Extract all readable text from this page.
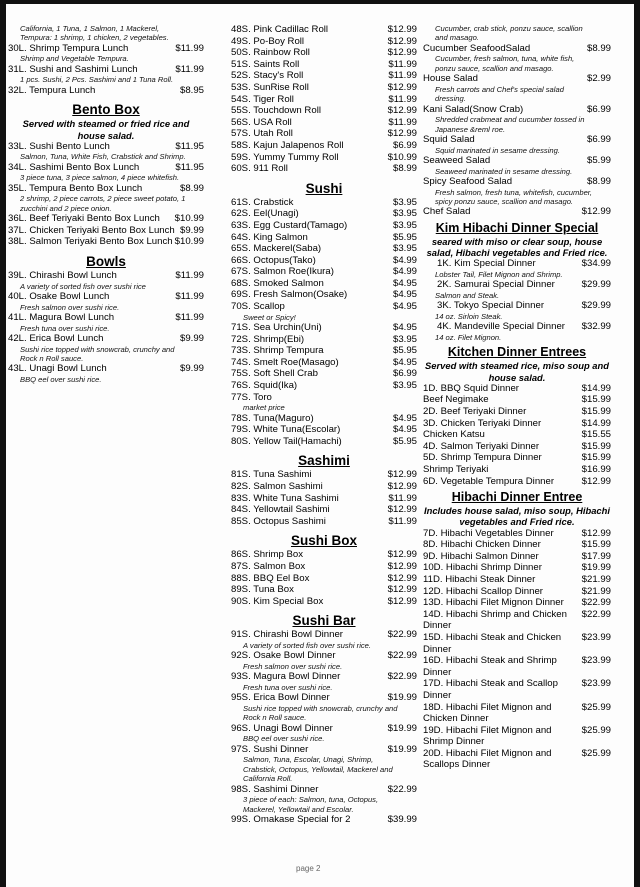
California, 1 Tuna, 1 Salmon, 1 Mackerel, Tempura: 1 shrimp, 1 chicken, 2 vegetables.
30L. Shrimp Tempura Lunch	$11.99
Shrimp and Vegetable Tempura.
31L. Sushi and Sashimi Lunch	$11.99
1 pcs. Sushi, 2 Pcs. Sashimi and 1 Tuna Roll.
32L. Tempura Lunch	$8.95
Bento Box
Served with steamed or fried rice and house salad.
33L. Sushi Bento Lunch	$11.95
Salmon, Tuna, White Fish, Crabstick and Shrimp.
34L. Sashimi Bento Box Lunch	$11.95
3 piece tuna, 3 piece salmon, 4 piece whitefish.
35L. Tempura Bento Box Lunch	$8.99
2 shrimp, 2 piece carrots, 2 piece sweet potato, 1 zucchini and 2 piece onion.
36L. Beef Teriyaki Bento Box Lunch	$10.99
37L. Chicken Teriyaki Bento Box Lunch $9.99
38L. Salmon Teriyaki Bento Box Lunch $10.99
Bowls
39L. Chirashi Bowl Lunch	$11.99
A variety of sorted fish over sushi rice
40L. Osake Bowl Lunch	$11.99
Fresh salmon over sushi rice.
41L. Magura Bowl Lunch	$11.99
Fresh tuna over sushi rice.
42L. Erica Bowl Lunch	$9.99
Sushi rice topped with snowcrab, crunchy and Rock n Roll sauce.
43L. Unagi Bowl Lunch	$9.99
BBQ eel over sushi rice.
48S. Pink Cadillac Roll	$12.99
49S. Po-Boy Roll	$12.99
50S. Rainbow Roll	$12.99
51S. Saints Roll	$11.99
52S. Stacy's Roll	$11.99
53S. SunRise Roll	$12.99
54S. Tiger Roll	$11.99
55S. Touchdown Roll	$12.99
56S. USA Roll	$11.99
57S. Utah Roll	$12.99
58S. Kajun Jalapenos Roll	$6.99
59S. Yummy Tummy Roll	$10.99
60S. 911 Roll	$8.99
Sushi
61S. Crabstick	$3.95
62S. Eel(Unagi)	$3.95
63S. Egg Custard(Tamago)	$3.95
64S. King Salmon	$5.95
65S. Mackerel(Saba)	$3.95
66S. Octopus(Tako)	$4.99
67S. Salmon Roe(Ikura)	$4.99
68S. Smoked Salmon	$4.95
69S. Fresh Salmon(Osake)	$4.95
70S. Scallop	$4.95
Sweet or Spicy!
71S. Sea Urchin(Uni)	$4.95
72S. Shrimp(Ebi)	$3.95
73S. Shrimp Tempura	$5.95
74S. Smelt Roe(Masago)	$4.95
75S. Soft Shell Crab	$6.99
76S. Squid(Ika)	$3.95
77S. Toro
market price
78S. Tuna(Maguro)	$4.95
79S. White Tuna(Escolar)	$4.95
80S. Yellow Tail(Hamachi)	$5.95
Sashimi
81S. Tuna Sashimi	$12.99
82S. Salmon Sashimi	$12.99
83S. White Tuna Sashimi	$11.99
84S. Yellowtail Sashimi	$12.99
85S. Octopus Sashimi	$11.99
Sushi Box
86S. Shrimp Box	$12.99
87S. Salmon Box	$12.99
88S. BBQ Eel Box	$12.99
89S. Tuna Box	$12.99
90S. Kim Special Box	$12.99
Sushi Bar
91S. Chirashi Bowl Dinner	$22.99
A variety of sorted fish over sushi rice.
92S. Osake Bowl Dinner	$22.99
Fresh salmon over sushi rice.
93S. Magura Bowl Dinner	$22.99
Fresh tuna over sushi rice.
95S. Erica Bowl Dinner	$19.99
Sushi rice topped with snowcrab, crunchy and Rock n Roll sauce.
96S. Unagi Bowl Dinner	$19.99
BBQ eel over sushi rice.
97S. Sushi Dinner	$19.99
Salmon, Tuna, Escolar, Unagi, Shrimp, Crabstick, Octopus, Yellowtail, Mackerel and California Roll.
98S. Sashimi Dinner	$22.99
3 piece of each: Salmon, tuna, Octopus, Mackerel, Yellowtail and Escolar.
99S. Omakase Special for 2	$39.99
Cucumber, crab stick, ponzu sauce, scallion and masago.
Cucumber SeafoodSalad	$8.99
Cucumber, fresh salmon, tuna, white fish, ponzu sauce, scallion and masago.
House Salad	$2.99
Fresh carrots and Chef's special salad dressing.
Kani Salad(Snow Crab)	$6.99
Shredded crabmeat and cucumber tossed in Japanese &reml roe.
Squid Salad	$6.99
Squid marinated in sesame dressing.
Seaweed Salad	$5.99
Seaweed marinated in sesame dressing.
Spicy Seafood Salad	$8.99
Fresh salmon, fresh tuna, whitefish, cucumber, spicy ponzu sauce, scallion and masago.
Chef Salad	$12.99
Kim Hibachi Dinner Special
seared with miso or clear soup, house salad, Hibachi vegetables and Fried rice.
1K. Kim Special Dinner	$34.99
Lobster Tail, Filet Mignon and Shrimp.
2K. Samurai Special Dinner	$29.99
Salmon and Steak.
3K. Tokyo Special Dinner	$29.99
14 oz. Sirloin Steak.
4K. Mandeville Special Dinner	$32.99
14 oz. Filet Mignon.
Kitchen Dinner Entrees
Served with steamed rice, miso soup and house salad.
1D. BBQ Squid Dinner	$14.99
Beef Negimake	$15.99
2D. Beef Teriyaki Dinner	$15.99
3D. Chicken Teriyaki Dinner	$14.99
Chicken Katsu	$15.55
4D. Salmon Teriyaki Dinner	$15.99
5D. Shrimp Tempura Dinner	$15.99
Shrimp Teriyaki	$16.99
6D. Vegetable Tempura Dinner	$12.99
Hibachi Dinner Entree
Includes house salad, miso soup, Hibachi vegetables and Fried rice.
7D. Hibachi Vegetables Dinner	$12.99
8D. Hibachi Chicken Dinner	$15.99
9D. Hibachi Salmon Dinner	$17.99
10D. Hibachi Shrimp Dinner	$19.99
11D. Hibachi Steak Dinner	$21.99
12D. Hibachi Scallop Dinner	$21.99
13D. Hibachi Filet Mignon Dinner	$22.99
14D. Hibachi Shrimp and Chicken Dinner
$22.99
15D. Hibachi Steak and Chicken Dinner
$23.99
16D. Hibachi Steak and Shrimp Dinner
$23.99
17D. Hibachi Steak and Scallop Dinner
$23.99
18D. Hibachi Filet Mignon and Chicken Dinner
$25.99
19D. Hibachi Filet Mignon and Shrimp Dinner
$25.99
20D. Hibachi Filet Mignon and Scallops Dinner
$25.99
page 2
